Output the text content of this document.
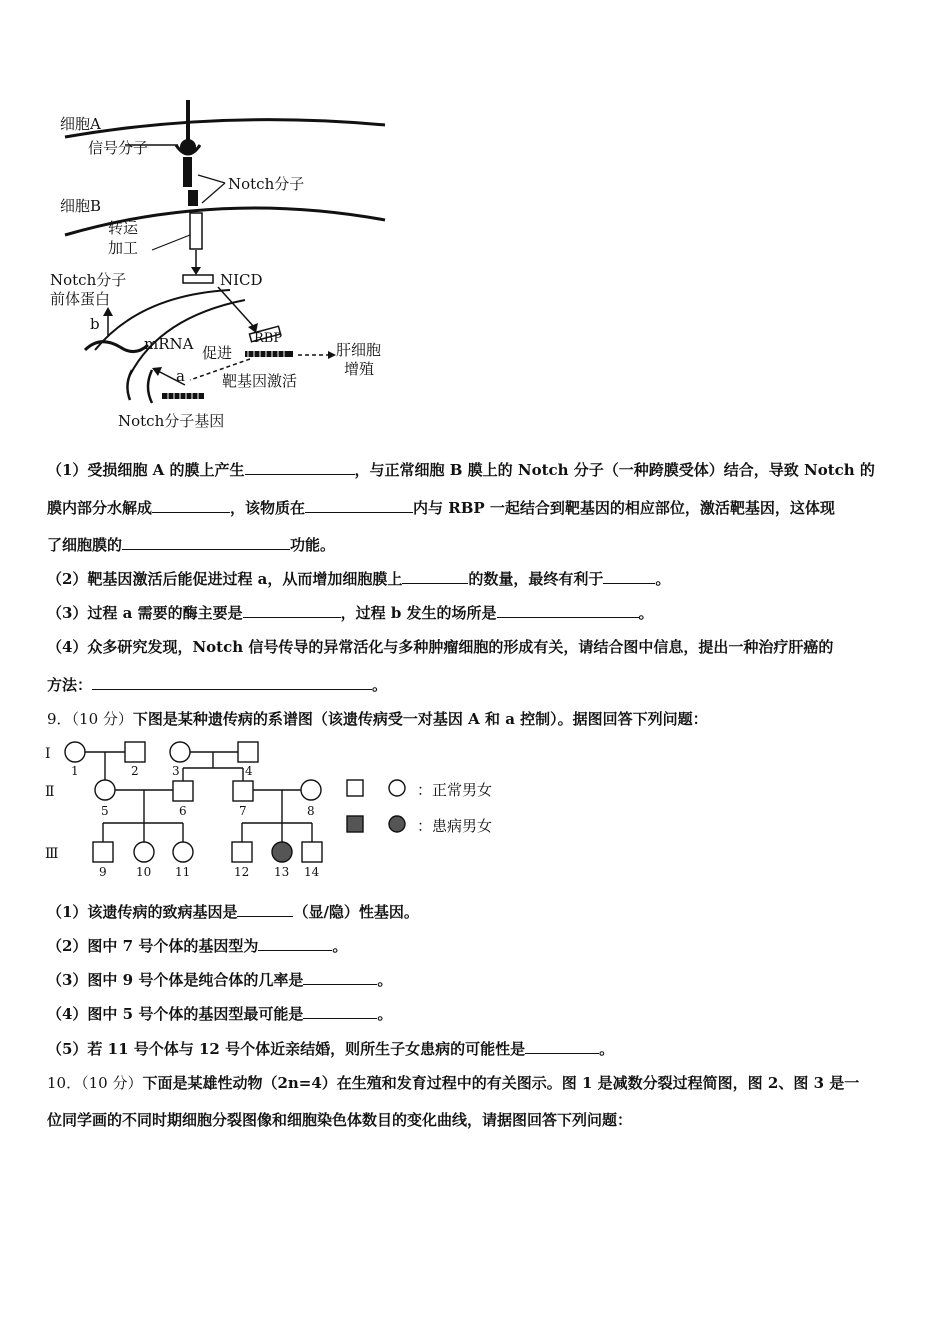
细胞A
信号分子
Notch分子
细胞B
转运
加工
NICD
Notch分子
前体蛋白
b
mRNA 促进
RBP
肝细胞
增殖
a 靶基因激活
Notch分子基因
（1）受损细胞 A 的膜上产生	，与正常细胞 B 膜上的 Notch 分子（一种跨膜受体）结合，导致 Notch 的
膜内部分水解成	，该物质在	内与 RBP 一起结合到靶基因的相应部位，激活靶基因，这体现
了细胞膜的	功能。
（2）靶基因激活后能促进过程 a，从而增加细胞膜上	的数量，最终有利于	。
（3）过程 a 需要的酶主要是	，过程 b 发生的场所是	。
（4）众多研究发现，Notch 信号传导的异常活化与多种肿瘤细胞的形成有关，请结合图中信息，提出一种治疗肝癌的
方法：	。
9．（10 分）下图是某种遗传病的系谱图（该遗传病受一对基因 A 和 a 控制）。据图回答下列问题：
Ⅰ
Ⅱ
Ⅲ
1	2	3	4
5	6	7	8
9 10 11	12 13 14
：正常男女
：患病男女
（1）该遗传病的致病基因是	（显/隐）性基因。
（2）图中 7 号个体的基因型为	。
（3）图中 9 号个体是纯合体的几率是	。
（4）图中 5 号个体的基因型最可能是	。
（5）若 11 号个体与 12 号个体近亲结婚，则所生子女患病的可能性是	。
10．（10 分）下面是某雄性动物（2n=4）在生殖和发育过程中的有关图示。图 1 是减数分裂过程简图，图 2、图 3 是一
位同学画的不同时期细胞分裂图像和细胞染色体数目的变化曲线，请据图回答下列问题：
